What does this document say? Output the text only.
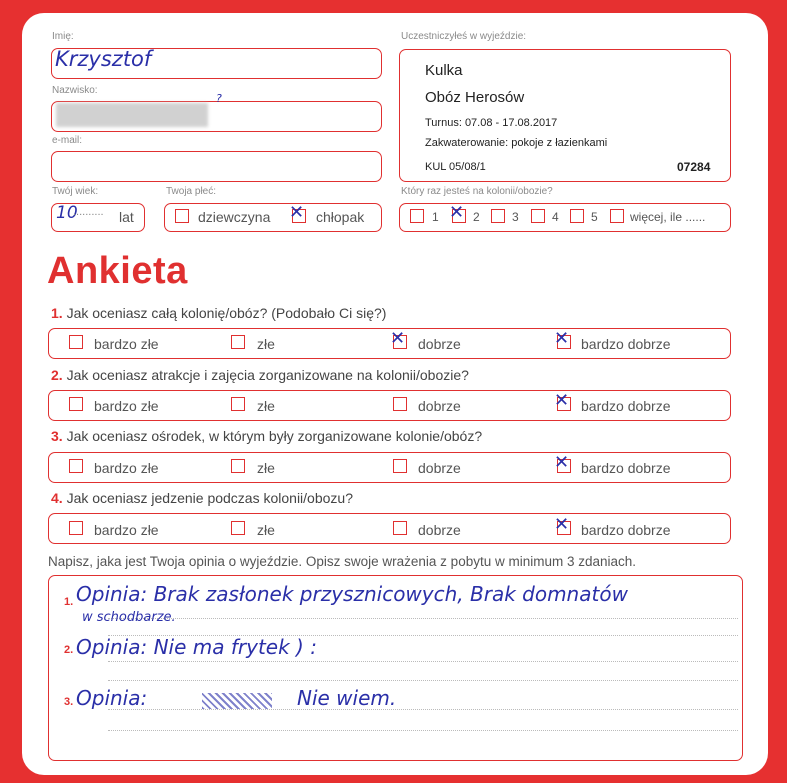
Imię:
Krzysztof
Nazwisko:
?
e-mail:
Twój wiek:
10
.......... lat
Twoja płeć:
dziewczyna ✕ chłopak
Uczestniczyłeś w wyjeździe:
Kulka
Obóz Herosów
Turnus: 07.08 - 17.08.2017
Zakwaterowanie: pokoje z łazienkami
KUL 05/08/1	07284
Który raz jesteś na kolonii/obozie?
1 ✕ 2	3	4	5	więcej, ile ......
Ankieta
1. Jak oceniasz całą kolonię/obóz? (Podobało Ci się?)
bardzo złe	złe	✕ dobrze	✕ bardzo dobrze
2. Jak oceniasz atrakcje i zajęcia zorganizowane na kolonii/obozie?
bardzo złe	złe	dobrze	✕ bardzo dobrze
3. Jak oceniasz ośrodek, w którym były zorganizowane kolonie/obóz?
bardzo złe	złe	dobrze	✕ bardzo dobrze
4. Jak oceniasz jedzenie podczas kolonii/obozu?
bardzo złe	złe	dobrze	✕ bardzo dobrze
Napisz, jaka jest Twoja opinia o wyjeździe. Opisz swoje wrażenia z pobytu w minimum 3 zdaniach.
1.
2.
3.
Opinia: Brak zasłonek przysznicowych, Brak domnatów
w schodbarze.
Opinia: Nie ma frytek ) :
Opinia:	Nie wiem.
